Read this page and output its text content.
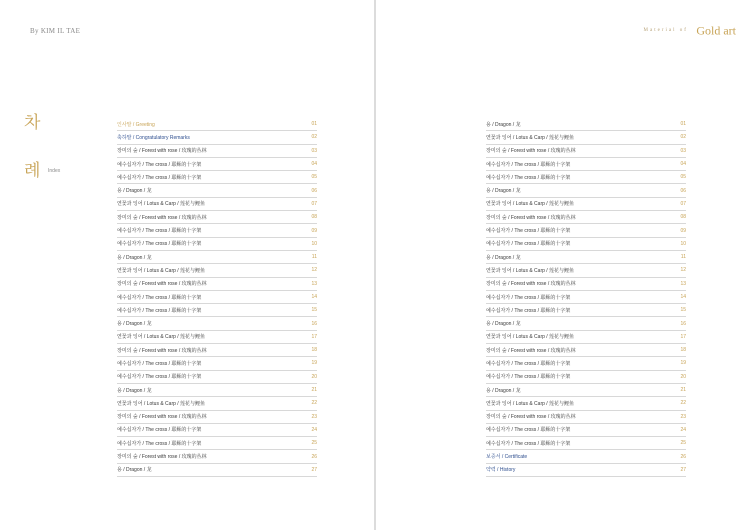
By KIM IL TAE
차
례 Index
인사말 / Greeting	01
축하말 / Congratulatory Remarks	02
장미의 숲 / Forest with rose / 玫瑰的丛林	03
예수십자가 / The cross / 耶稣的十字架	04
예수십자가 / The cross / 耶稣的十字架	05
용 / Dragon / 龙	06
연꽃과 잉어 / Lotus & Carp / 莲花与鲤鱼	07
장미의 숲 / Forest with rose / 玫瑰的丛林	08
예수십자가 / The cross / 耶稣的十字架	09
예수십자가 / The cross / 耶稣的十字架	10
용 / Dragon / 龙	11
연꽃과 잉어 / Lotus & Carp / 莲花与鲤鱼	12
장미의 숲 / Forest with rose / 玫瑰的丛林	13
예수십자가 / The cross / 耶稣的十字架	14
예수십자가 / The cross / 耶稣的十字架	15
용 / Dragon / 龙	16
연꽃과 잉어 / Lotus & Carp / 莲花与鲤鱼	17
장미의 숲 / Forest with rose / 玫瑰的丛林	18
예수십자가 / The cross / 耶稣的十字架	19
예수십자가 / The cross / 耶稣的十字架	20
용 / Dragon / 龙	21
연꽃과 잉어 / Lotus & Carp / 莲花与鲤鱼	22
장미의 숲 / Forest with rose / 玫瑰的丛林	23
예수십자가 / The cross / 耶稣的十字架	24
예수십자가 / The cross / 耶稣的十字架	25
장미의 숲 / Forest with rose / 玫瑰的丛林	26
용 / Dragon / 龙	27
Material of Gold art
용 / Dragon / 龙	01
연꽃과 잉어 / Lotus & Carp / 莲花与鲤鱼	02
장미의 숲 / Forest with rose / 玫瑰的丛林	03
예수십자가 / The cross / 耶稣的十字架	04
예수십자가 / The cross / 耶稣的十字架	05
용 / Dragon / 龙	06
연꽃과 잉어 / Lotus & Carp / 莲花与鲤鱼	07
장미의 숲 / Forest with rose / 玫瑰的丛林	08
예수십자가 / The cross / 耶稣的十字架	09
예수십자가 / The cross / 耶稣的十字架	10
용 / Dragon / 龙	11
연꽃과 잉어 / Lotus & Carp / 莲花与鲤鱼	12
장미의 숲 / Forest with rose / 玫瑰的丛林	13
예수십자가 / The cross / 耶稣的十字架	14
예수십자가 / The cross / 耶稣的十字架	15
용 / Dragon / 龙	16
연꽃과 잉어 / Lotus & Carp / 莲花与鲤鱼	17
장미의 숲 / Forest with rose / 玫瑰的丛林	18
예수십자가 / The cross / 耶稣的十字架	19
예수십자가 / The cross / 耶稣的十字架	20
용 / Dragon / 龙	21
연꽃과 잉어 / Lotus & Carp / 莲花与鲤鱼	22
장미의 숲 / Forest with rose / 玫瑰的丛林	23
예수십자가 / The cross / 耶稣的十字架	24
예수십자가 / The cross / 耶稣的十字架	25
보증서 / Certificate	26
약력 / History	27
